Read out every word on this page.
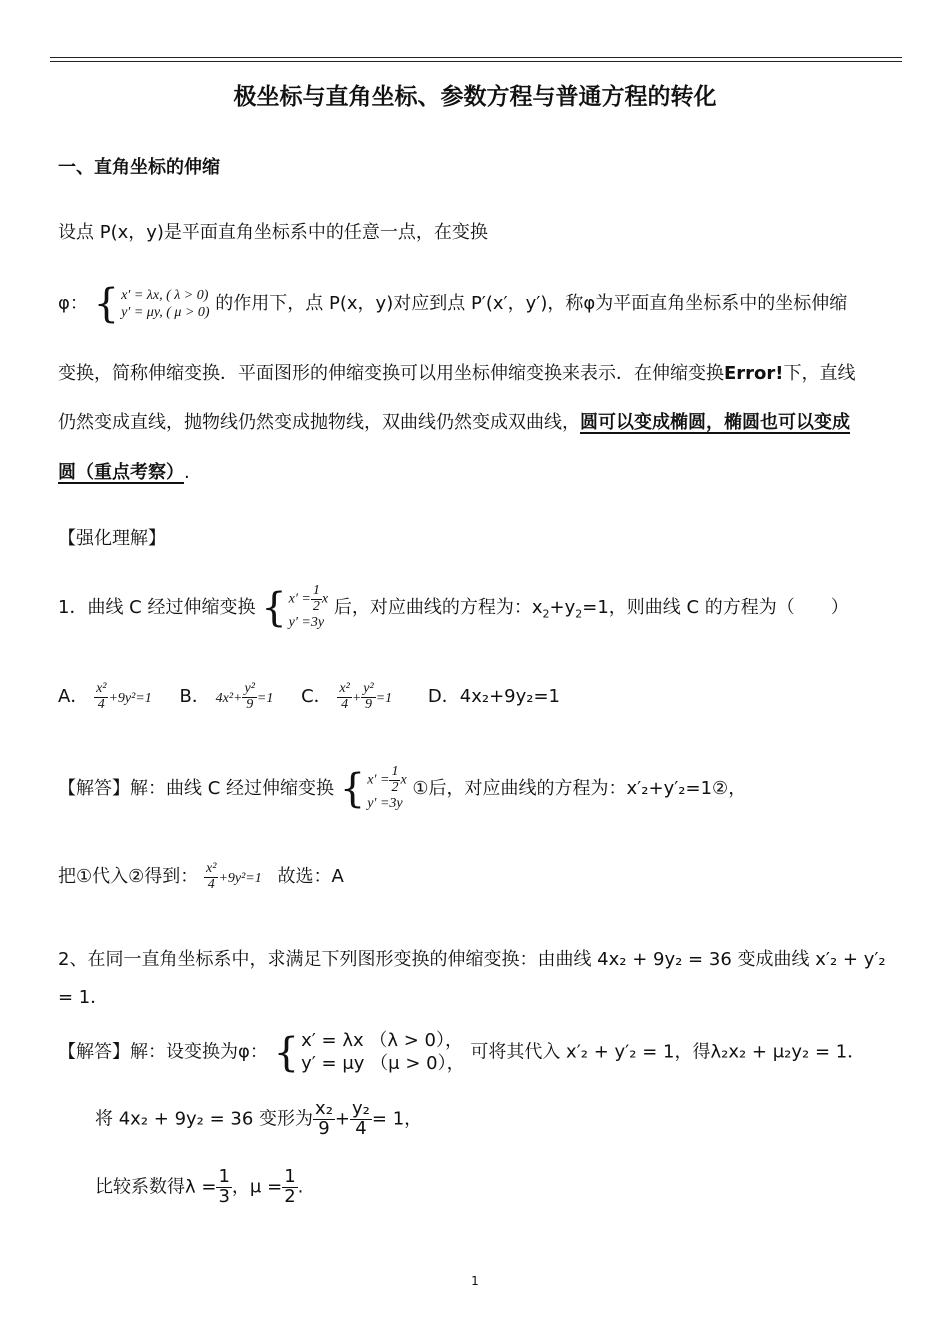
极坐标与直角坐标、参数方程与普通方程的转化
一、直角坐标的伸缩
设点 P(x，y)是平面直角坐标系中的任意一点，在变换
φ： { x′ = λx, ( λ > 0)
y′ = μy, ( μ > 0) 的作用下，点 P(x，y)对应到点 P′(x′，y′)，称φ为平面直角坐标系中的坐标伸缩
变换，简称伸缩变换．平面图形的伸缩变换可以用坐标伸缩变换来表示．在伸缩变换Error!下，直线
仍然变成直线，抛物线仍然变成抛物线，双曲线仍然变成双曲线，圆可以变成椭圆，椭圆也可以变成
圆（重点考察）.
【强化理解】
1．曲线 C 经过伸缩变换 { $x' = \frac{1}{2}$ x
y′ =3y
后，对应曲线的方程为：$x_2+y_2=1$，则曲线 C 的方程为（　　）
A． $\frac{\text{x²}}{4} +9y^2=1$ B． $4x^2+ \frac{\text{y²}}{9} =1$ C． $\frac{\text{x²}}{4} + \frac{\text{y²}}{9} =1$ D．4x₂+9y₂=1
【解答】解：曲线 C 经过伸缩变换 { $x' = \frac{1}{2}$ x
y′ =3y
①后，对应曲线的方程为：x′₂+y′₂=1②，
把①代入②得到： $\frac{\text{x²}}{4} +9y^2=1$ 故选：A
2、在同一直角坐标系中，求满足下列图形变换的伸缩变换：由曲线 4x₂ + 9y₂ = 36 变成曲线 x′₂ + y′₂
= 1．
【解答】解：设变换为φ： { x′ = λx （λ > 0），
y′ = μy （μ > 0），
可将其代入 x′₂ + y′₂ = 1，得λ₂x₂ + μ₂y₂ = 1．
将 4x₂ + 9y₂ = 36 变形为 $\frac{\text{x₂}}{9} + \frac{\text{y₂}}{4} = 1$，
比较系数得$\lambda = \frac{1}{3}$ ，$\mu = \frac{1}{2}$ .
1
